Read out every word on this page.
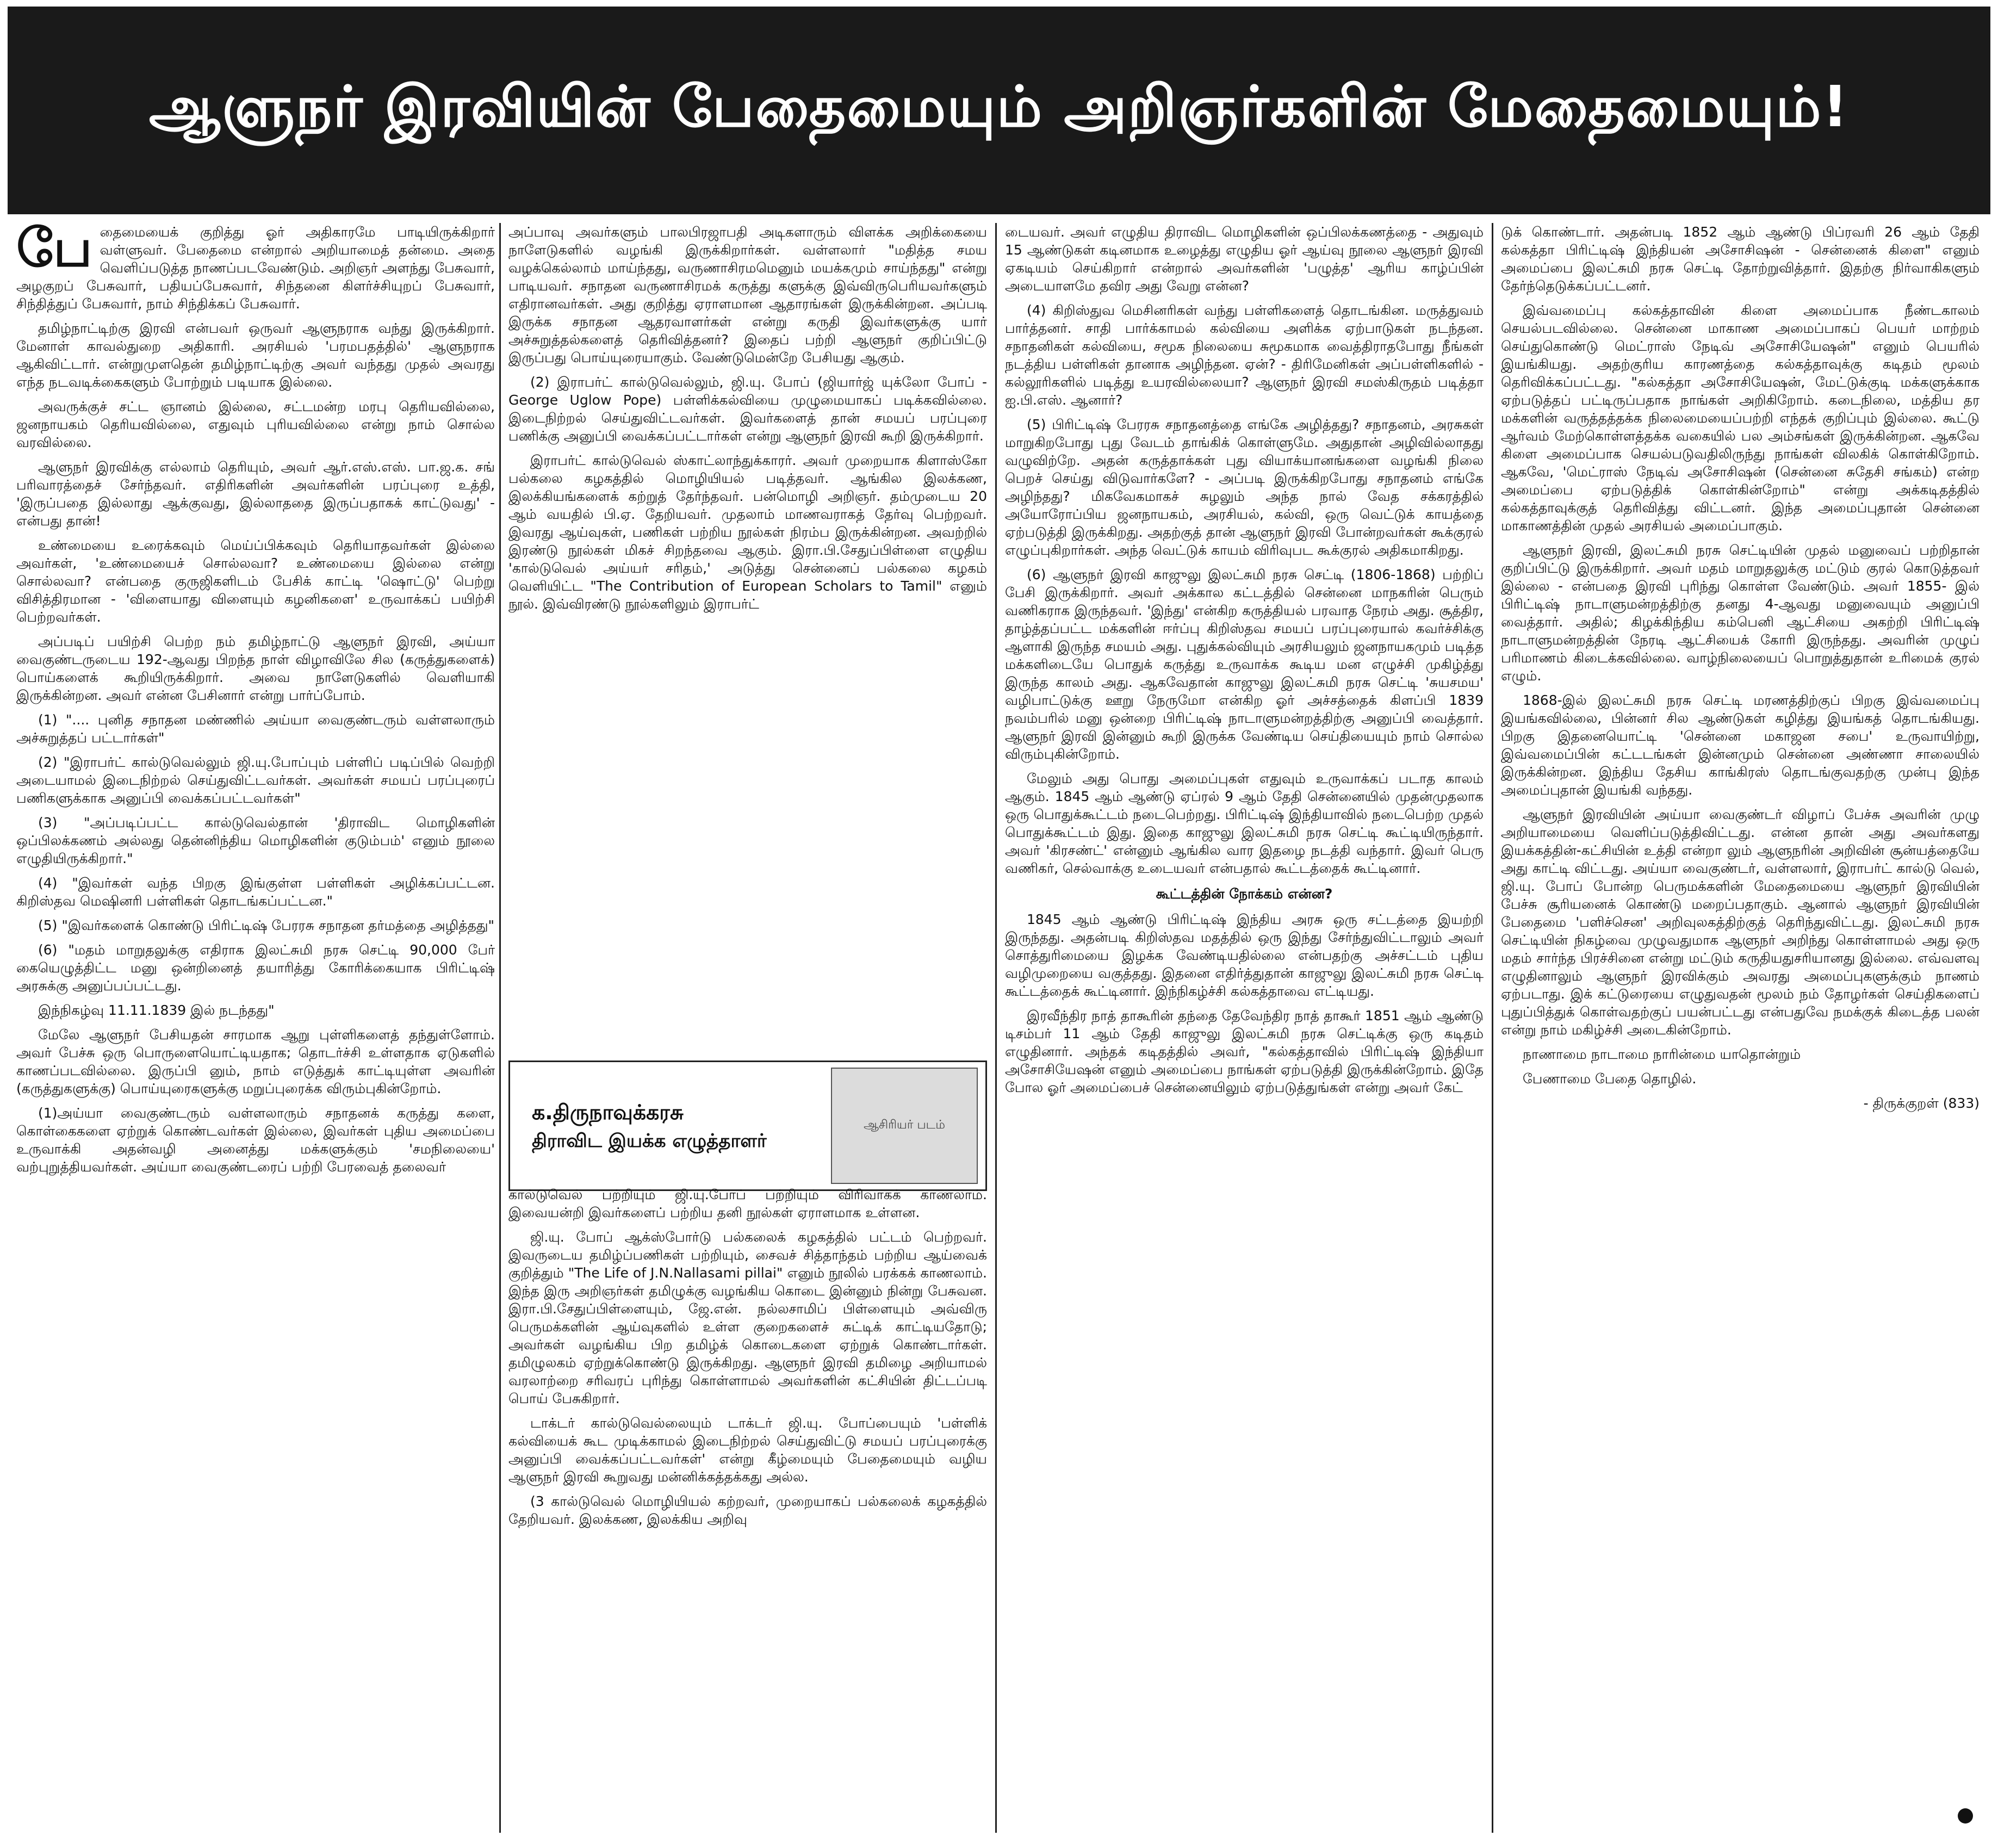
ஆளுநர் இரவியின் பேதைமையும் அறிஞர்களின் மேதைமையும்!

பே தைமையைக் குறித்து ஓர் அதிகாரமே பாடியிருக்கிறார் வள்ளுவர். பேதைமை என்றால் அறியாமைத் தன்மை. அதை வெளிப்படுத்த நாணப்படவேண்டும். அறிஞர் அளந்து பேசுவார், அழகுறப் பேசுவார், பதியப்பேசுவார், சிந்தனை கிளர்ச்சியுறப் பேசுவார், சிந்தித்துப் பேசுவார், நாம் சிந்திக்கப் பேசுவார்.

தமிழ்நாட்டிற்கு இரவி என்பவர் ஒருவர் ஆளுநராக வந்து இருக்கிறார். மேனாள் காவல்துறை அதிகாரி. அரசியல் 'பரமபதத்தில்' ஆளுநராக ஆகிவிட்டார். என்றுமுளதென் தமிழ்நாட்டிற்கு அவர் வந்தது முதல் அவரது எந்த நடவடிக்கைகளும் போற்றும் படியாக இல்லை.

அவருக்குச் சட்ட ஞானம் இல்லை, சட்டமன்ற மரபு தெரியவில்லை, ஜனநாயகம் தெரியவில்லை, எதுவும் புரியவில்லை என்று நாம் சொல்ல வரவில்லை.

ஆளுநர் இரவிக்கு எல்லாம் தெரியும், அவர் ஆர்.எஸ்.எஸ். பா.ஜ.க. சங் பரிவாரத்தைச் சேர்ந்தவர். எதிரிகளின் அவர்களின் பரப்புரை உத்தி, 'இருப்பதை இல்லாது ஆக்குவது, இல்லாததை இருப்பதாகக் காட்டுவது' - என்பது தான்!

உண்மையை உரைக்கவும் மெய்ப்பிக்கவும் தெரியாதவர்கள் இல்லை அவர்கள், 'உண்மையைச் சொல்லவா? உண்மையை இல்லை என்று சொல்லவா? என்பதை குருஜிகளிடம் பேசிக் காட்டி 'ஷொட்டு' பெற்று விசித்திரமான - 'விளையாது விளையும் கழனிகளை' உருவாக்கப் பயிற்சி பெற்றவர்கள்.

அப்படிப் பயிற்சி பெற்ற நம் தமிழ்நாட்டு ஆளுநர் இரவி, அய்யா வைகுண்டருடைய 192-ஆவது பிறந்த நாள் விழாவிலே சில (கருத்துகளைக்) பொய்களைக் கூறியிருக்கிறார். அவை நாளேடுகளில் வெளியாகி இருக்கின்றன. அவர் என்ன பேசினார் என்று பார்ப்போம்.

(1) ".... புனித சநாதன மண்ணில் அய்யா வைகுண்டரும் வள்ளலாரும் அச்சுறுத்தப் பட்டார்கள்"

(2) "இராபர்ட் கால்டுவெல்லும் ஜி.யு.போப்பும் பள்ளிப் படிப்பில் வெற்றி அடையாமல் இடைநிற்றல் செய்துவிட்டவர்கள். அவர்கள் சமயப் பரப்புரைப் பணிகளுக்காக அனுப்பி வைக்கப்பட்டவர்கள்"

(3) "அப்படிப்பட்ட கால்டுவெல்தான் 'திராவிட மொழிகளின் ஒப்பிலக்கணம் அல்லது தென்னிந்திய மொழிகளின் குடும்பம்' எனும் நூலை எழுதியிருக்கிறார்."

(4) "இவர்கள் வந்த பிறகு இங்குள்ள பள்ளிகள் அழிக்கப்பட்டன. கிறிஸ்தவ மெஷினரி பள்ளிகள் தொடங்கப்பட்டன."

(5) "இவர்களைக் கொண்டு பிரிட்டிஷ் பேரரசு சநாதன தர்மத்தை அழித்தது"

(6) "மதம் மாறுதலுக்கு எதிராக இலட்சுமி நரசு செட்டி 90,000 பேர் கையெழுத்திட்ட மனு ஒன்றினைத் தயாரித்து கோரிக்கையாக பிரிட்டிஷ் அரசுக்கு அனுப்பப்பட்டது.

இந்நிகழ்வு 11.11.1839 இல் நடந்தது"

மேலே ஆளுநர் பேசியதன் சாரமாக ஆறு புள்ளிகளைத் தந்துள்ளோம். அவர் பேச்சு ஒரு பொருளையொட்டியதாக; தொடர்ச்சி உள்ளதாக ஏடுகளில் காணப்படவில்லை. இருப்பி னும், நாம் எடுத்துக் காட்டியுள்ள அவரின் (கருத்துகளுக்கு) பொய்யுரைகளுக்கு மறுப்புரைக்க விரும்புகின்றோம்.

(1)அய்யா வைகுண்டரும் வள்ளலாரும் சநாதனக் கருத்து களை, கொள்கைகளை ஏற்றுக் கொண்டவர்கள் இல்லை, இவர்கள் புதிய அமைப்பை உருவாக்கி அதன்வழி அனைத்து மக்களுக்கும் 'சமநிலையை' வற்புறுத்தியவர்கள். அய்யா வைகுண்டரைப் பற்றி பேரவைத் தலைவர்

அப்பாவு அவர்களும் பாலபிரஜாபதி அடிகளாரும் விளக்க அறிக்கையை நாளேடுகளில் வழங்கி இருக்கிறார்கள். வள்ளலார் "மதித்த சமய வழக்கெல்லாம் மாய்ந்தது, வருணாசிரமமெனும் மயக்கமும் சாய்ந்தது" என்று பாடியவர். சநாதன வருணாசிரமக் கருத்து களுக்கு இவ்விருபெரியவர்களும் எதிரானவர்கள். அது குறித்து ஏராளமான ஆதாரங்கள் இருக்கின்றன. அப்படி இருக்க சநாதன ஆதரவாளர்கள் என்று கருதி இவர்களுக்கு யார் அச்சுறுத்தல்களைத் தெரிவித்தனர்? இதைப் பற்றி ஆளுநர் குறிப்பிட்டு இருப்பது பொய்யுரையாகும். வேண்டுமென்றே பேசியது ஆகும்.

(2) இராபர்ட் கால்டுவெல்லும், ஜி.யு. போப் (ஜியார்ஜ் யுக்லோ போப் - George Uglow Pope) பள்ளிக்கல்வியை முழுமையாகப் படிக்கவில்லை. இடைநிற்றல் செய்துவிட்டவர்கள். இவர்களைத் தான் சமயப் பரப்புரை பணிக்கு அனுப்பி வைக்கப்பட்டார்கள் என்று ஆளுநர் இரவி கூறி இருக்கிறார்.

இராபர்ட் கால்டுவெல் ஸ்காட்லாந்துக்காரர். அவர் முறையாக கிளாஸ்கோ பல்கலை கழகத்தில் மொழியியல் படித்தவர். ஆங்கில இலக்கண, இலக்கியங்களைக் கற்றுத் தேர்ந்தவர். பன்மொழி அறிஞர். தம்முடைய 20 ஆம் வயதில் பி.ஏ. தேறியவர். முதலாம் மாணவராகத் தேர்வு பெற்றவர். இவரது ஆய்வுகள், பணிகள் பற்றிய நூல்கள் நிரம்ப இருக்கின்றன. அவற்றில் இரண்டு நூல்கள் மிகச் சிறந்தவை ஆகும். இரா.பி.சேதுப்பிள்ளை எழுதிய 'கால்டுவெல் அய்யர் சரிதம்,' அடுத்து சென்னைப் பல்கலை கழகம் வெளியிட்ட "The Contribution of European Scholars to Tamil" எனும் நூல். இவ்விரண்டு நூல்களிலும் இராபர்ட்

க.திருநாவுக்கரசு
திராவிட இயக்க எழுத்தாளர்
ஆசிரியர் படம்

கால்டுவெல் பற்றியும் ஜி.யு.போப் பற்றியும் விரிவாகக் காணலாம். இவையன்றி இவர்களைப் பற்றிய தனி நூல்கள் ஏராளமாக உள்ளன.

ஜி.யு. போப் ஆக்ஸ்போர்டு பல்கலைக் கழகத்தில் பட்டம் பெற்றவர். இவருடைய தமிழ்ப்பணிகள் பற்றியும், சைவச் சித்தாந்தம் பற்றிய ஆய்வைக் குறித்தும் "The Life of J.N.Nallasami pillai" எனும் நூலில் பரக்கக் காணலாம். இந்த இரு அறிஞர்கள் தமிழுக்கு வழங்கிய கொடை இன்னும் நின்று பேசுவன. இரா.பி.சேதுப்பிள்ளையும், ஜே.என். நல்லசாமிப் பிள்ளையும் அவ்விரு பெருமக்களின் ஆய்வுகளில் உள்ள குறைகளைச் சுட்டிக் காட்டியதோடு; அவர்கள் வழங்கிய பிற தமிழ்க் கொடைகளை ஏற்றுக் கொண்டார்கள். தமிழுலகம் ஏற்றுக்கொண்டு இருக்கிறது. ஆளுநர் இரவி தமிழை அறியாமல் வரலாற்றை சரிவரப் புரிந்து கொள்ளாமல் அவர்களின் கட்சியின் திட்டப்படி பொய் பேசுகிறார்.

டாக்டர் கால்டுவெல்லையும் டாக்டர் ஜி.யு. போப்பையும் 'பள்ளிக் கல்வியைக் கூட முடிக்காமல் இடைநிற்றல் செய்துவிட்டு சமயப் பரப்புரைக்கு அனுப்பி வைக்கப்பட்டவர்கள்' என்று கீழ்மையும் பேதைமையும் வழிய ஆளுநர் இரவி கூறுவது மன்னிக்கத்தக்கது அல்ல.

(3 கால்டுவெல் மொழியியல் கற்றவர், முறையாகப் பல்கலைக் கழகத்தில் தேறியவர். இலக்கண, இலக்கிய அறிவு

டையவர். அவர் எழுதிய திராவிட மொழிகளின் ஒப்பிலக்கணத்தை - அதுவும் 15 ஆண்டுகள் கடினமாக உழைத்து எழுதிய ஓர் ஆய்வு நூலை ஆளுநர் இரவி ஏகடியம் செய்கிறார் என்றால் அவர்களின் 'பழுத்த' ஆரிய காழ்ப்பின் அடையாளமே தவிர அது வேறு என்ன?

(4) கிறிஸ்துவ மெசினரிகள் வந்து பள்ளிகளைத் தொடங்கின. மருத்துவம் பார்த்தனர். சாதி பார்க்காமல் கல்வியை அளிக்க ஏற்பாடுகள் நடந்தன. சநாதனிகள் கல்வியை, சமூக நிலையை சுமூகமாக வைத்திராதபோது நீங்கள் நடத்திய பள்ளிகள் தானாக அழிந்தன. ஏன்? - திரிமேனிகள் அப்பள்ளிகளில் - கல்லூரிகளில் படித்து உயரவில்லையா? ஆளுநர் இரவி சமஸ்கிருதம் படித்தா ஐ.பி.எஸ். ஆனார்?

(5) பிரிட்டிஷ் பேரரசு சநாதனத்தை எங்கே அழித்தது? சநாதனம், அரசுகள் மாறுகிறபோது புது வேடம் தாங்கிக் கொள்ளுமே. அதுதான் அழிவில்லாதது வழுவிற்றே. அதன் கருத்தாக்கள் புது வியாக்யானங்களை வழங்கி நிலை பெறச் செய்து விடுவார்களே? - அப்படி இருக்கிறபோது சநாதனம் எங்கே அழிந்தது? மிகவேகமாகச் சுழலும் அந்த நால் வேத சக்கரத்தில் அயோரோப்பிய ஜனநாயகம், அரசியல், கல்வி, ஒரு வெட்டுக் காயத்தை ஏற்படுத்தி இருக்கிறது. அதற்குத் தான் ஆளுநர் இரவி போன்றவர்கள் கூக்குரல் எழுப்புகிறார்கள். அந்த வெட்டுக் காயம் விரிவுபட கூக்குரல் அதிகமாகிறது.

(6) ஆளுநர் இரவி காஜுலு இலட்சுமி நரசு செட்டி (1806-1868) பற்றிப் பேசி இருக்கிறார். அவர் அக்கால கட்டத்தில் சென்னை மாநகரின் பெரும் வணிகராக இருந்தவர். 'இந்து' என்கிற கருத்தியல் பரவாத நேரம் அது. சூத்திர, தாழ்த்தப்பட்ட மக்களின் ஈர்ப்பு கிறிஸ்தவ சமயப் பரப்புரையால் கவர்ச்சிக்கு ஆளாகி இருந்த சமயம் அது. புதுக்கல்வியும் அரசியலும் ஜனநாயகமும் படித்த மக்களிடையே பொதுக் கருத்து உருவாக்க கூடிய மன எழுச்சி முகிழ்த்து இருந்த காலம் அது. ஆகவேதான் காஜுலு இலட்சுமி நரசு செட்டி 'சுயசமய' வழிபாட்டுக்கு ஊறு நேருமோ என்கிற ஓர் அச்சத்தைக் கிளப்பி 1839 நவம்பரில் மனு ஒன்றை பிரிட்டிஷ் நாடாளுமன்றத்திற்கு அனுப்பி வைத்தார். ஆளுநர் இரவி இன்னும் கூறி இருக்க வேண்டிய செய்தியையும் நாம் சொல்ல விரும்புகின்றோம்.

மேலும் அது பொது அமைப்புகள் எதுவும் உருவாக்கப் படாத காலம் ஆகும். 1845 ஆம் ஆண்டு ஏப்ரல் 9 ஆம் தேதி சென்னையில் முதன்முதலாக ஒரு பொதுக்கூட்டம் நடைபெற்றது. பிரிட்டிஷ் இந்தியாவில் நடைபெற்ற முதல் பொதுக்கூட்டம் இது. இதை காஜுலு இலட்சுமி நரசு செட்டி கூட்டியிருந்தார். அவர் 'கிரசண்ட்' என்னும் ஆங்கில வார இதழை நடத்தி வந்தார். இவர் பெரு வணிகர், செல்வாக்கு உடையவர் என்பதால் கூட்டத்தைக் கூட்டினார்.

கூட்டத்தின் நோக்கம் என்ன?

1845 ஆம் ஆண்டு பிரிட்டிஷ் இந்திய அரசு ஒரு சட்டத்தை இயற்றி இருந்தது. அதன்படி கிறிஸ்தவ மதத்தில் ஒரு இந்து சேர்ந்துவிட்டாலும் அவர் சொத்துரிமையை இழக்க வேண்டியதில்லை என்பதற்கு அச்சட்டம் புதிய வழிமுறையை வகுத்தது. இதனை எதிர்த்துதான் காஜுலு இலட்சுமி நரசு செட்டி கூட்டத்தைக் கூட்டினார். இந்நிகழ்ச்சி கல்கத்தாவை எட்டியது.

இரவீந்திர நாத் தாகூரின் தந்தை தேவேந்திர நாத் தாகூர் 1851 ஆம் ஆண்டு டிசம்பர் 11 ஆம் தேதி காஜுலு இலட்சுமி நரசு செட்டிக்கு ஒரு கடிதம் எழுதினார். அந்தக் கடிதத்தில் அவர், "கல்கத்தாவில் பிரிட்டிஷ் இந்தியா அசோசியேஷன் எனும் அமைப்பை நாங்கள் ஏற்படுத்தி இருக்கின்றோம். இதே போல ஓர் அமைப்பைச் சென்னையிலும் ஏற்படுத்துங்கள் என்று அவர் கேட்

டுக் கொண்டார். அதன்படி 1852 ஆம் ஆண்டு பிப்ரவரி 26 ஆம் தேதி கல்கத்தா பிரிட்டிஷ் இந்தியன் அசோசிஷன் - சென்னைக் கிளை" எனும் அமைப்பை இலட்சுமி நரசு செட்டி தோற்றுவித்தார். இதற்கு நிர்வாகிகளும் தேர்ந்தெடுக்கப்பட்டனர்.

இவ்வமைப்பு கல்கத்தாவின் கிளை அமைப்பாக நீண்டகாலம் செயல்படவில்லை. சென்னை மாகாண அமைப்பாகப் பெயர் மாற்றம் செய்துகொண்டு மெட்ராஸ் நேடிவ் அசோசியேஷன்" எனும் பெயரில் இயங்கியது. அதற்குரிய காரணத்தை கல்கத்தாவுக்கு கடிதம் மூலம் தெரிவிக்கப்பட்டது. "கல்கத்தா அசோசியேஷன், மேட்டுக்குடி மக்களுக்காக ஏற்படுத்தப் பட்டிருப்பதாக நாங்கள் அறிகிறோம். கடைநிலை, மத்திய தர மக்களின் வருத்தத்தக்க நிலைமையைப்பற்றி எந்தக் குறிப்பும் இல்லை. கூட்டு ஆர்வம் மேற்கொள்ளத்தக்க வகையில் பல அம்சங்கள் இருக்கின்றன. ஆகவே கிளை அமைப்பாக செயல்படுவதிலிருந்து நாங்கள் விலகிக் கொள்கிறோம். ஆகவே, 'மெட்ராஸ் நேடிவ் அசோசிஷன் (சென்னை சுதேசி சங்கம்) என்ற அமைப்பை ஏற்படுத்திக் கொள்கின்றோம்" என்று அக்கடிதத்தில் கல்கத்தாவுக்குத் தெரிவித்து விட்டனர். இந்த அமைப்புதான் சென்னை மாகாணத்தின் முதல் அரசியல் அமைப்பாகும்.

ஆளுநர் இரவி, இலட்சுமி நரசு செட்டியின் முதல் மனுவைப் பற்றிதான் குறிப்பிட்டு இருக்கிறார். அவர் மதம் மாறுதலுக்கு மட்டும் குரல் கொடுத்தவர் இல்லை - என்பதை இரவி புரிந்து கொள்ள வேண்டும். அவர் 1855- இல் பிரிட்டிஷ் நாடாளுமன்றத்திற்கு தனது 4-ஆவது மனுவையும் அனுப்பி வைத்தார். அதில்; கிழக்கிந்திய கம்பெனி ஆட்சியை அகற்றி பிரிட்டிஷ் நாடாளுமன்றத்தின் நேரடி ஆட்சியைக் கோரி இருந்தது. அவரின் முழுப் பரிமாணம் கிடைக்கவில்லை. வாழ்நிலையைப் பொறுத்துதான் உரிமைக் குரல் எழும்.

1868-இல் இலட்சுமி நரசு செட்டி மரணத்திற்குப் பிறகு இவ்வமைப்பு இயங்கவில்லை, பின்னர் சில ஆண்டுகள் கழித்து இயங்கத் தொடங்கியது. பிறகு இதனையொட்டி 'சென்னை மகாஜன சபை' உருவாயிற்று, இவ்வமைப்பின் கட்டடங்கள் இன்னமும் சென்னை அண்ணா சாலையில் இருக்கின்றன. இந்திய தேசிய காங்கிரஸ் தொடங்குவதற்கு முன்பு இந்த அமைப்புதான் இயங்கி வந்தது.

ஆளுநர் இரவியின் அய்யா வைகுண்டர் விழாப் பேச்சு அவரின் முழு அறியாமையை வெளிப்படுத்திவிட்டது. என்ன தான் அது அவர்களது இயக்கத்தின்-கட்சியின் உத்தி என்றா லும் ஆளுநரின் அறிவின் சூன்யத்தையே அது காட்டி விட்டது. அய்யா வைகுண்டர், வள்ளலார், இராபர்ட் கால்டு வெல், ஜி.யு. போப் போன்ற பெருமக்களின் மேதைமையை ஆளுநர் இரவியின் பேச்சு சூரியனைக் கொண்டு மறைப்பதாகும். ஆனால் ஆளுநர் இரவியின் பேதைமை 'பளிச்சென' அறிவுலகத்திற்குத் தெரிந்துவிட்டது. இலட்சுமி நரசு செட்டியின் நிகழ்வை முழுவதுமாக ஆளுநர் அறிந்து கொள்ளாமல் அது ஒரு மதம் சார்ந்த பிரச்சினை என்று மட்டும் கருதியதுசரியானது இல்லை. எவ்வளவு எழுதினாலும் ஆளுநர் இரவிக்கும் அவரது அமைப்புகளுக்கும் நாணம் ஏற்படாது. இக் கட்டுரையை எழுதுவதன் மூலம் நம் தோழர்கள் செய்திகளைப் புதுப்பித்துக் கொள்வதற்குப் பயன்பட்டது என்பதுவே நமக்குக் கிடைத்த பலன் என்று நாம் மகிழ்ச்சி அடைகின்றோம்.

நாணாமை நாடாமை நாரின்மை யாதொன்றும்

பேணாமை பேதை தொழில்.

- திருக்குறள் (833)
